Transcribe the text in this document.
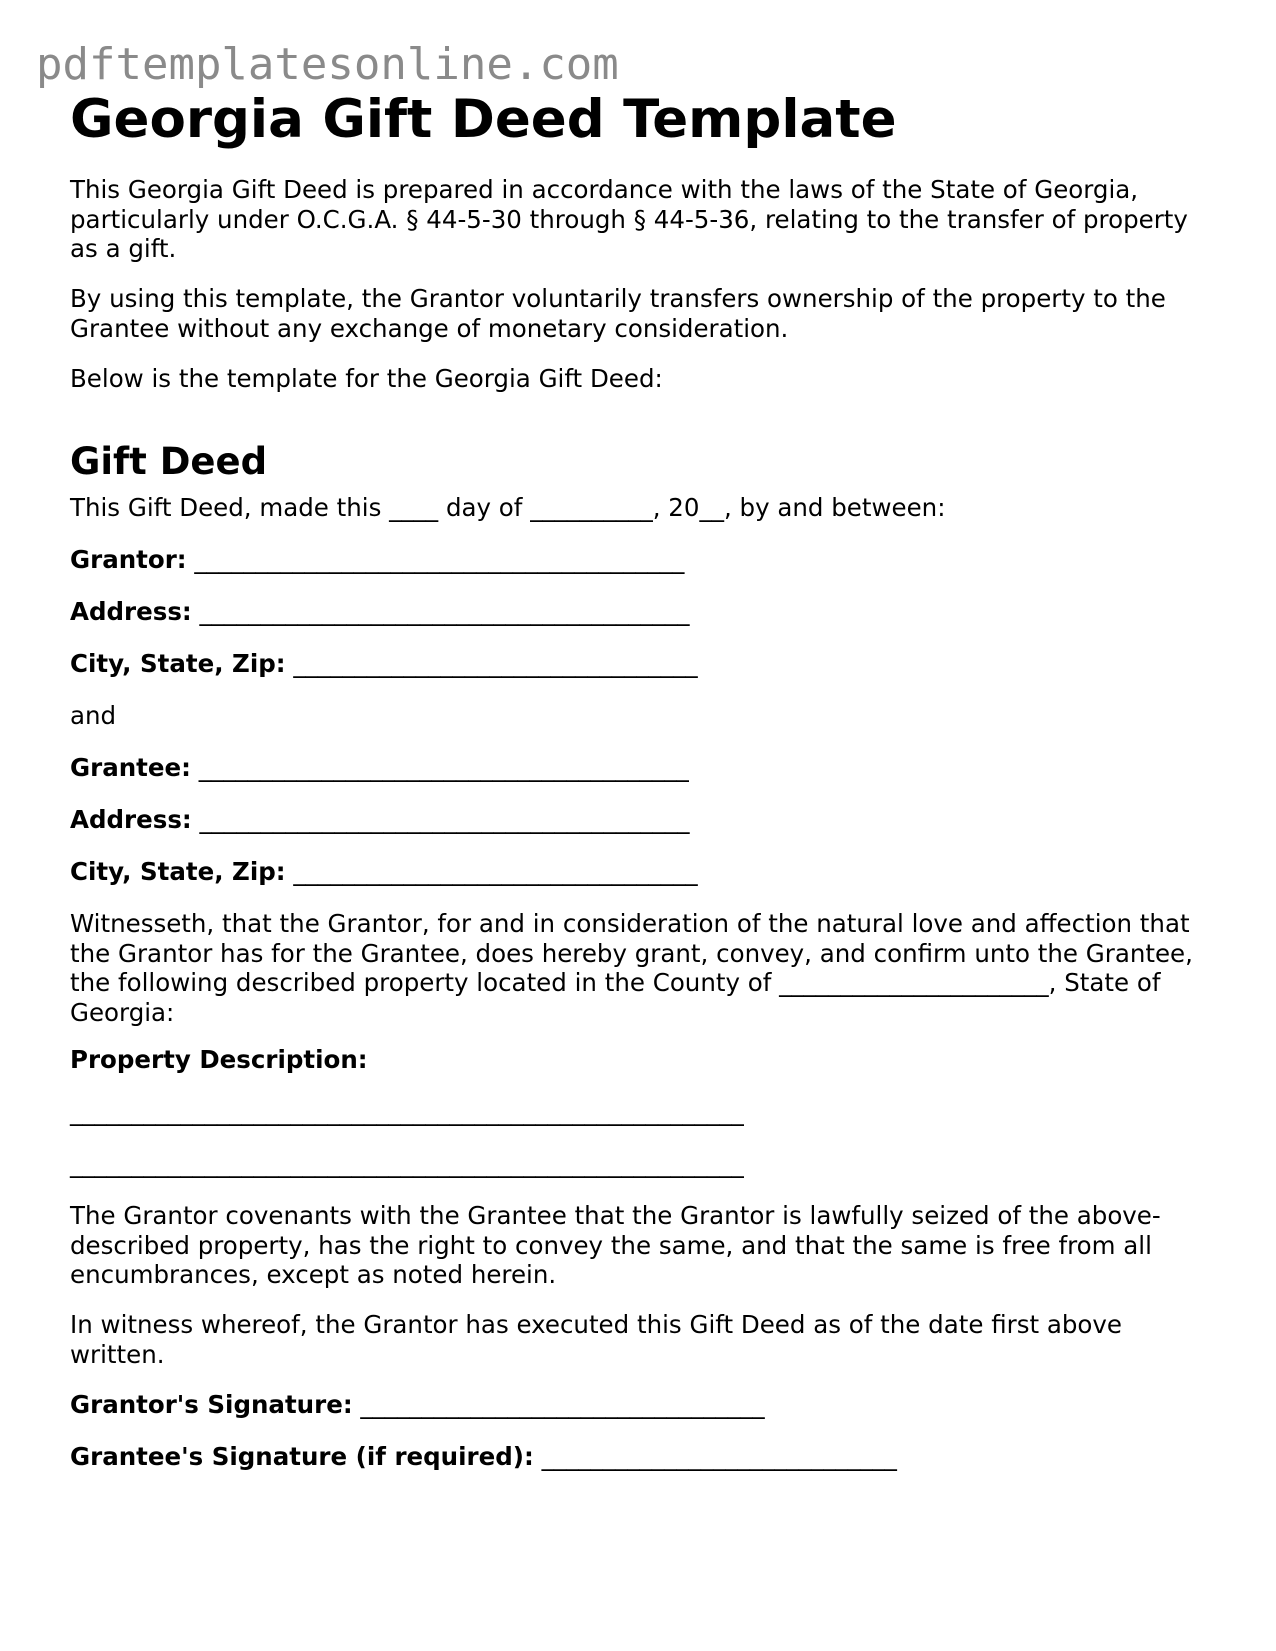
pdftemplatesonline.com
Georgia Gift Deed Template

This Georgia Gift Deed is prepared in accordance with the laws of the State of Georgia, particularly under O.C.G.A. § 44-5-30 through § 44-5-36, relating to the transfer of property as a gift.

By using this template, the Grantor voluntarily transfers ownership of the property to the Grantee without any exchange of monetary consideration.

Below is the template for the Georgia Gift Deed:

Gift Deed

This Gift Deed, made this ____ day of __________, 20__, by and between:

Grantor: ________________________________________

Address: ________________________________________

City, State, Zip: _________________________________

and

Grantee: ________________________________________

Address: ________________________________________

City, State, Zip: _________________________________

Witnesseth, that the Grantor, for and in consideration of the natural love and affection that the Grantor has for the Grantee, does hereby grant, convey, and confirm unto the Grantee, the following described property located in the County of ______________________, State of Georgia:

Property Description:

_______________________________________________________

_______________________________________________________

The Grantor covenants with the Grantee that the Grantor is lawfully seized of the above-described property, has the right to convey the same, and that the same is free from all encumbrances, except as noted herein.

In witness whereof, the Grantor has executed this Gift Deed as of the date first above written.

Grantor's Signature: _________________________________

Grantee's Signature (if required): _____________________________
